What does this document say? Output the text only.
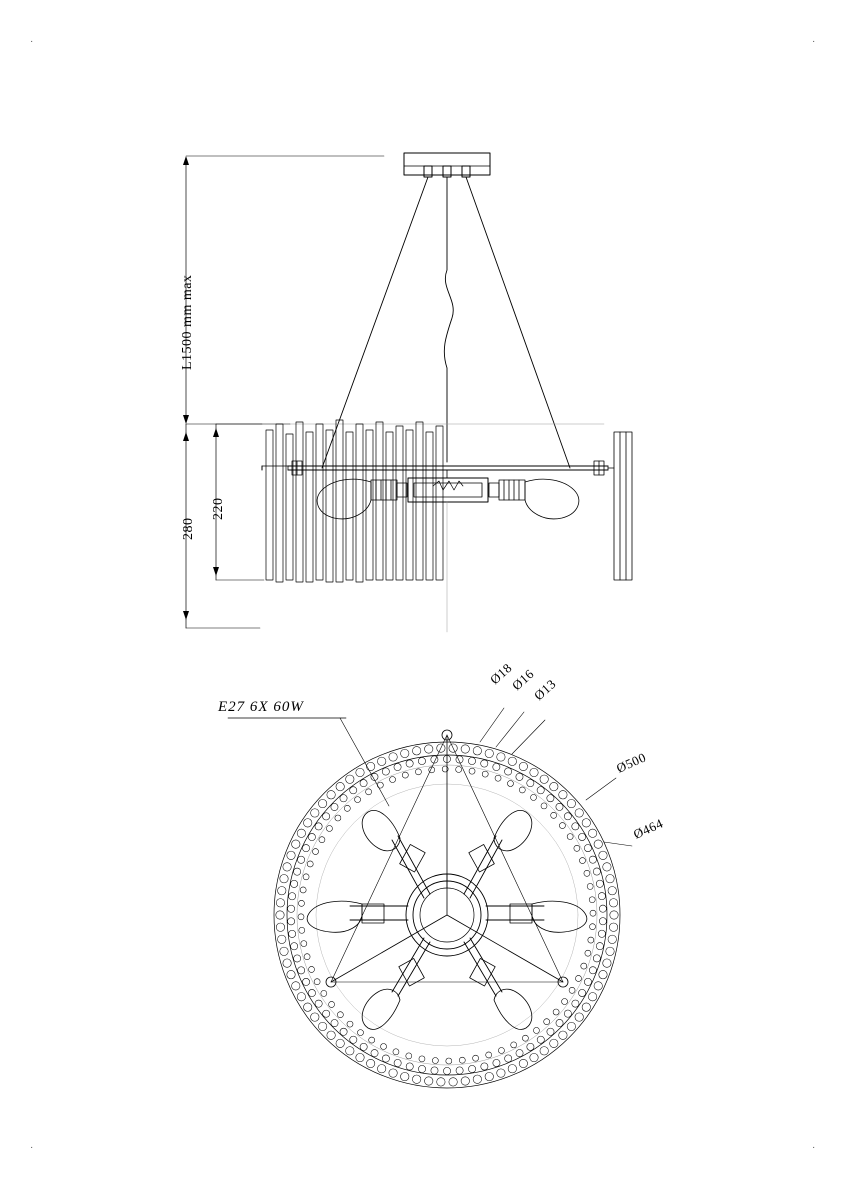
·	·
·	·
L1500 mm max
280
220
E27 6X 60W
Ø18
Ø16
Ø13
Ø500
Ø464
